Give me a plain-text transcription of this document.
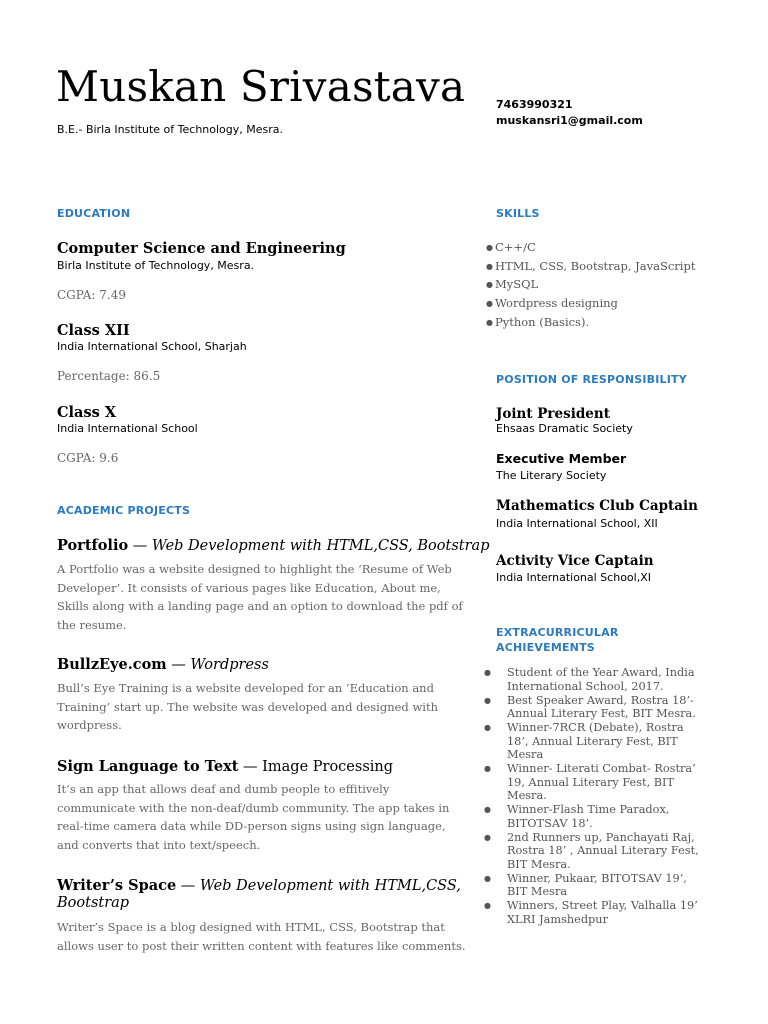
Muskan Srivastava
B.E.- Birla Institute of Technology, Mesra.
7463990321
muskansri1@gmail.com
EDUCATION
Computer Science and Engineering
Birla Institute of Technology, Mesra.
CGPA: 7.49
Class XII
India International School, Sharjah
Percentage: 86.5
Class X
India International School
CGPA: 9.6
ACADEMIC PROJECTS
Portfolio — Web Development with HTML,CSS, Bootstrap
A Portfolio was a website designed to highlight the ‘Resume of Web Developer’. It consists of various pages like Education, About me, Skills along with a landing page and an option to download the pdf of the resume.
BullzEye.com — Wordpress
Bull’s Eye Training is a website developed for an ‘Education and Training’ start up. The website was developed and designed with wordpress.
Sign Language to Text — Image Processing
It’s an app that allows deaf and dumb people to effitively communicate with the non-deaf/dumb community. The app takes in real-time camera data while DD-person signs using sign language, and converts that into text/speech.
Writer’s Space — Web Development with HTML,CSS,
Bootstrap
Writer’s Space is a blog designed with HTML, CSS, Bootstrap that allows user to post their written content with features like comments.
SKILLS
● C++/C
● HTML, CSS, Bootstrap, JavaScript
● MySQL
● Wordpress designing
● Python (Basics).
POSITION OF RESPONSIBILITY
Joint President
Ehsaas Dramatic Society
Executive Member
The Literary Society
Mathematics Club Captain
India International School, XII
Activity Vice Captain
India International School,XI
EXTRACURRICULAR
ACHIEVEMENTS
● Student of the Year Award, India International School, 2017.
● Best Speaker Award, Rostra 18’-Annual Literary Fest, BIT Mesra.
● Winner-7RCR (Debate), Rostra 18’, Annual Literary Fest, BIT Mesra
● Winner- Literati Combat- Rostra’ 19, Annual Literary Fest, BIT Mesra.
● Winner-Flash Time Paradox, BITOTSAV 18’.
● 2nd Runners up, Panchayati Raj, Rostra 18’ , Annual Literary Fest, BIT Mesra.
● Winner, Pukaar, BITOTSAV 19’, BIT Mesra
● Winners, Street Play, Valhalla 19’ XLRI Jamshedpur
